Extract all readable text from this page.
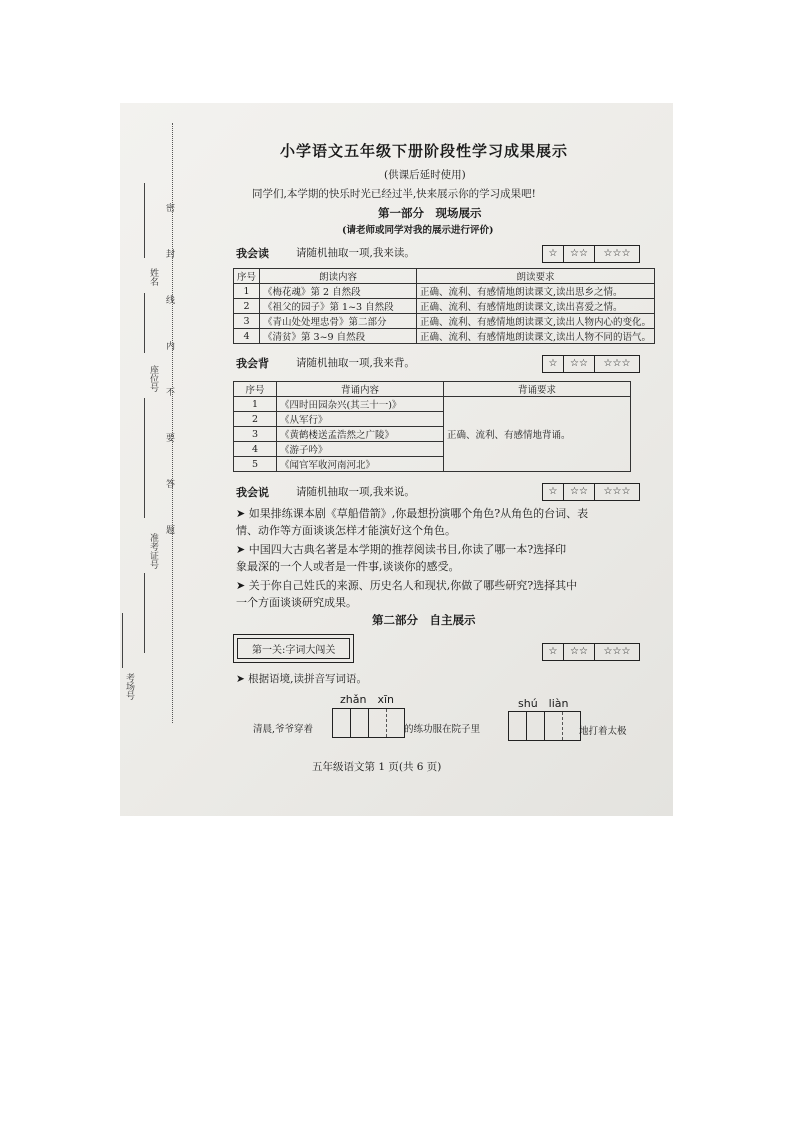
密　封　线　内　不　要　答　题
姓名
座位号
准考证号
考场号
小学语文五年级下册阶段性学习成果展示
(供课后延时使用)
同学们,本学期的快乐时光已经过半,快来展示你的学习成果吧!
第一部分　现场展示
(请老师或同学对我的展示进行评价)
我会读	请随机抽取一项,我来读。	☆	☆☆	☆☆☆
序号	朗读内容	朗读要求
1	《梅花魂》第 2 自然段	正确、流利、有感情地朗读课文,读出思乡之情。
2	《祖父的园子》第 1~3 自然段	正确、流利、有感情地朗读课文,读出喜爱之情。
3	《青山处处埋忠骨》第二部分	正确、流利、有感情地朗读课文,读出人物内心的变化。
4	《清贫》第 3~9 自然段	正确、流利、有感情地朗读课文,读出人物不同的语气。
我会背	请随机抽取一项,我来背。	☆	☆☆	☆☆☆
序号	背诵内容	背诵要求
1	《四时田园杂兴(其三十一)》	正确、流利、有感情地背诵。
2	《从军行》	
3	《黄鹤楼送孟浩然之广陵》	
4	《游子吟》	
5	《闻官军收河南河北》	
我会说	请随机抽取一项,我来说。	☆	☆☆	☆☆☆
➤ 如果排练课本剧《草船借箭》,你最想扮演哪个角色?从角色的台词、表
情、动作等方面谈谈怎样才能演好这个角色。
➤ 中国四大古典名著是本学期的推荐阅读书目,你读了哪一本?选择印
象最深的一个人或者是一件事,谈谈你的感受。
➤ 关于你自己姓氏的来源、历史名人和现状,你做了哪些研究?选择其中
一个方面谈谈研究成果。
第二部分　自主展示
第一关:字词大闯关	☆	☆☆	☆☆☆
➤ 根据语境,读拼音写词语。
zhǎn　xīn	shú　liàn
清晨,爷爷穿着	的练功服在院子里	地打着太极
五年级语文第 1 页(共 6 页)
